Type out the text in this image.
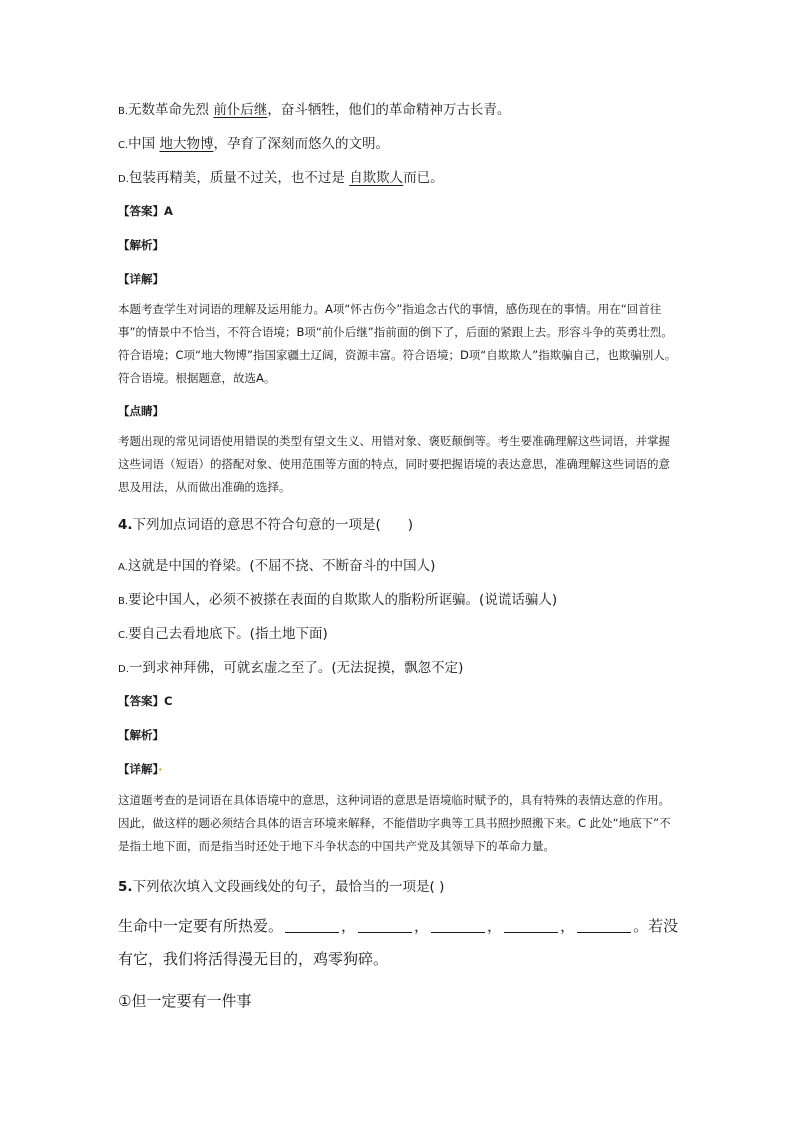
B.无数革命先烈 前仆后继，奋斗牺牲，他们的革命精神万古长青。
C.中国 地大物博，孕育了深刻而悠久的文明。
D.包装再精美，质量不过关，也不过是 自欺欺人而已。
【答案】A
【解析】
【详解】
本题考查学生对词语的理解及运用能力。A项“怀古伤今”指追念古代的事情，感伤现在的事情。用在“回首往事”的情景中不恰当，不符合语境；B项“前仆后继”指前面的倒下了，后面的紧跟上去。形容斗争的英勇壮烈。符合语境；C项“地大物博”指国家疆土辽阔，资源丰富。符合语境；D项“自欺欺人”指欺骗自己，也欺骗别人。符合语境。根据题意，故选A。
【点睛】
考题出现的常见词语使用错误的类型有望文生义、用错对象、褒贬颠倒等。考生要准确理解这些词语，并掌握这些词语（短语）的搭配对象、使用范围等方面的特点，同时要把握语境的表达意思，准确理解这些词语的意思及用法，从而做出准确的选择。
4.下列加点词语的意思不符合句意的一项是(　　)
A.这就是中国的脊梁。(不屈不挠、不断奋斗的中国人)
B.要论中国人，必须不被搽在表面的自欺欺人的脂粉所诓骗。(说谎话骗人)
C.要自己去看地底下。(指土地下面)
D.一到求神拜佛，可就玄虚之至了。(无法捉摸，飘忽不定)
【答案】C
【解析】
【详解】·
这道题考查的是词语在具体语境中的意思，这种词语的意思是语境临时赋予的，具有特殊的表情达意的作用。因此，做这样的题必须结合具体的语言环境来解释，不能借助字典等工具书照抄照搬下来。C 此处“地底下”不是指土地下面，而是指当时还处于地下斗争状态的中国共产党及其领导下的革命力量。
5.下列依次填入文段画线处的句子，最恰当的一项是( )
生命中一定要有所热爱。	，	，	，	，	。若没有它，我们将活得漫无目的，鸡零狗碎。
①但一定要有一件事
